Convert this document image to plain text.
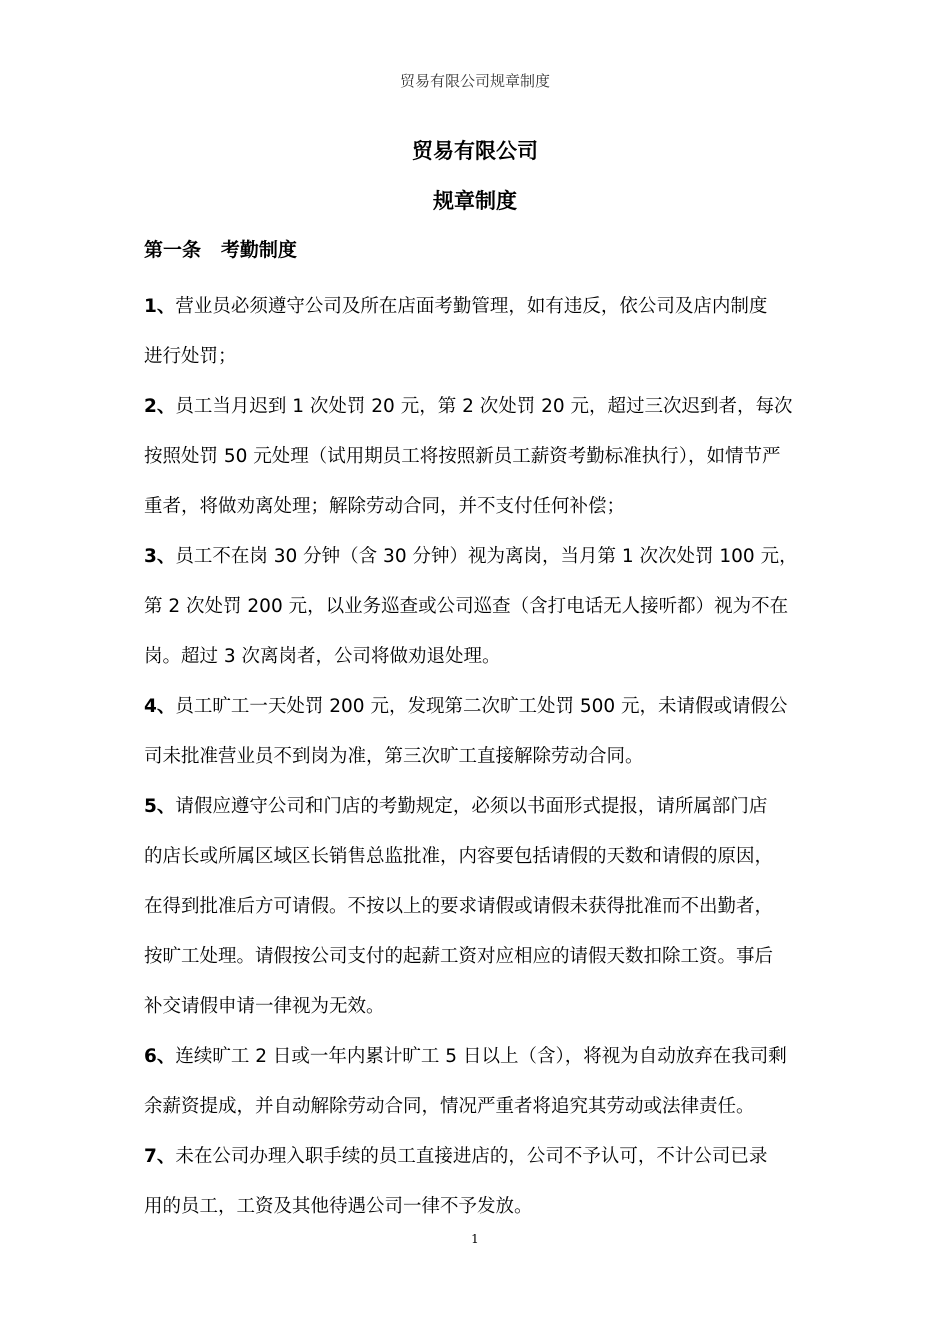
贸易有限公司规章制度
贸易有限公司
规章制度
第一条   考勤制度
1、营业员必须遵守公司及所在店面考勤管理，如有违反，依公司及店内制度
进行处罚；
2、员工当月迟到 1 次处罚 20 元，第 2 次处罚 20 元，超过三次迟到者，每次
按照处罚 50 元处理（试用期员工将按照新员工薪资考勤标准执行），如情节严
重者，将做劝离处理；解除劳动合同，并不支付任何补偿；
3、员工不在岗 30 分钟（含 30 分钟）视为离岗，当月第 1 次次处罚 100 元，
第 2 次处罚 200 元，以业务巡查或公司巡查（含打电话无人接听都）视为不在
岗。超过 3 次离岗者，公司将做劝退处理。
4、员工旷工一天处罚 200 元，发现第二次旷工处罚 500 元，未请假或请假公
司未批准营业员不到岗为准，第三次旷工直接解除劳动合同。
5、请假应遵守公司和门店的考勤规定，必须以书面形式提报，请所属部门店
的店长或所属区域区长销售总监批准，内容要包括请假的天数和请假的原因，
在得到批准后方可请假。不按以上的要求请假或请假未获得批准而不出勤者，
按旷工处理。请假按公司支付的起薪工资对应相应的请假天数扣除工资。事后
补交请假申请一律视为无效。
6、连续旷工 2 日或一年内累计旷工 5 日以上（含），将视为自动放弃在我司剩
余薪资提成，并自动解除劳动合同，情况严重者将追究其劳动或法律责任。
7、未在公司办理入职手续的员工直接进店的，公司不予认可，不计公司已录
用的员工，工资及其他待遇公司一律不予发放。
1
